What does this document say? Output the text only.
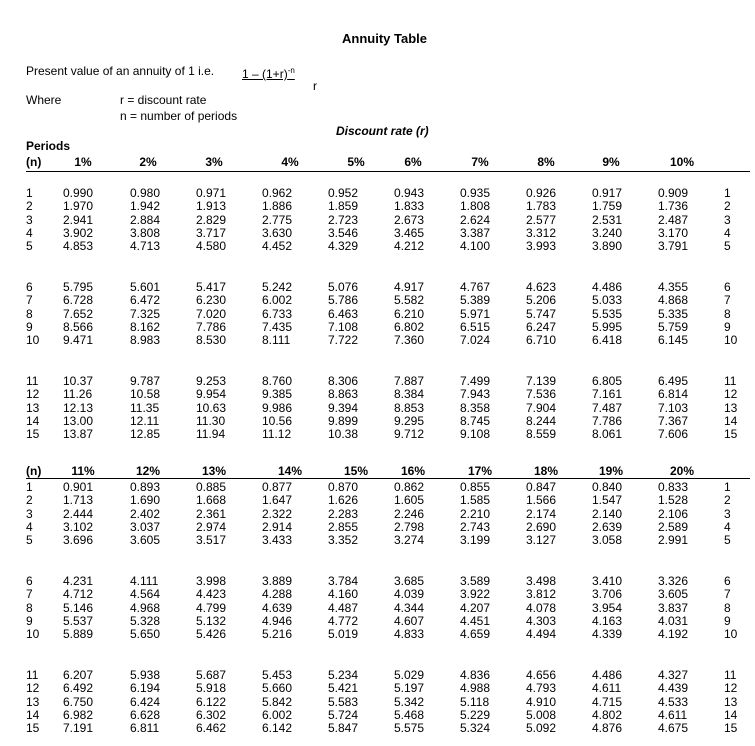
Annuity Table
Present value of an annuity of 1 i.e. $1 - (1+r)^{-n}$
r
Where	r = discount rate
n = number of periods
Discount rate (r)
Periods
(n)	1%	2%	3%	4%	5%	6%	7%	8%	9%	10%
1	0.990	0.980	0.971	0.962	0.952	0.943	0.935	0.926	0.917	0.909	1
2	1.970	1.942	1.913	1.886	1.859	1.833	1.808	1.783	1.759	1.736	2
3	2.941	2.884	2.829	2.775	2.723	2.673	2.624	2.577	2.531	2.487	3
4	3.902	3.808	3.717	3.630	3.546	3.465	3.387	3.312	3.240	3.170	4
5	4.853	4.713	4.580	4.452	4.329	4.212	4.100	3.993	3.890	3.791	5
6	5.795	5.601	5.417	5.242	5.076	4.917	4.767	4.623	4.486	4.355	6
7	6.728	6.472	6.230	6.002	5.786	5.582	5.389	5.206	5.033	4.868	7
8	7.652	7.325	7.020	6.733	6.463	6.210	5.971	5.747	5.535	5.335	8
9	8.566	8.162	7.786	7.435	7.108	6.802	6.515	6.247	5.995	5.759	9
10 9.471	8.983	8.530	8.111	7.722	7.360	7.024	6.710	6.418	6.145	10
11 10.37	9.787	9.253	8.760	8.306	7.887	7.499	7.139	6.805	6.495	11
12 11.26	10.58	9.954	9.385	8.863	8.384	7.943	7.536	7.161	6.814	12
13 12.13	11.35	10.63	9.986	9.394	8.853	8.358	7.904	7.487	7.103	13
14 13.00	12.11	11.30	10.56	9.899	9.295	8.745	8.244	7.786	7.367	14
15 13.87	12.85	11.94	11.12	10.38	9.712	9.108	8.559	8.061	7.606	15
(n)	11%	12%	13%	14%	15%	16%	17%	18%	19%	20%
1	0.901	0.893	0.885	0.877	0.870	0.862	0.855	0.847	0.840	0.833	1
2	1.713	1.690	1.668	1.647	1.626	1.605	1.585	1.566	1.547	1.528	2
3	2.444	2.402	2.361	2.322	2.283	2.246	2.210	2.174	2.140	2.106	3
4	3.102	3.037	2.974	2.914	2.855	2.798	2.743	2.690	2.639	2.589	4
5	3.696	3.605	3.517	3.433	3.352	3.274	3.199	3.127	3.058	2.991	5
6	4.231	4.111	3.998	3.889	3.784	3.685	3.589	3.498	3.410	3.326	6
7	4.712	4.564	4.423	4.288	4.160	4.039	3.922	3.812	3.706	3.605	7
8	5.146	4.968	4.799	4.639	4.487	4.344	4.207	4.078	3.954	3.837	8
9	5.537	5.328	5.132	4.946	4.772	4.607	4.451	4.303	4.163	4.031	9
10 5.889	5.650	5.426	5.216	5.019	4.833	4.659	4.494	4.339	4.192	10
11 6.207	5.938	5.687	5.453	5.234	5.029	4.836	4.656	4.486	4.327	11
12 6.492	6.194	5.918	5.660	5.421	5.197	4.988	4.793	4.611	4.439	12
13 6.750	6.424	6.122	5.842	5.583	5.342	5.118	4.910	4.715	4.533	13
14 6.982	6.628	6.302	6.002	5.724	5.468	5.229	5.008	4.802	4.611	14
15 7.191	6.811	6.462	6.142	5.847	5.575	5.324	5.092	4.876	4.675	15
